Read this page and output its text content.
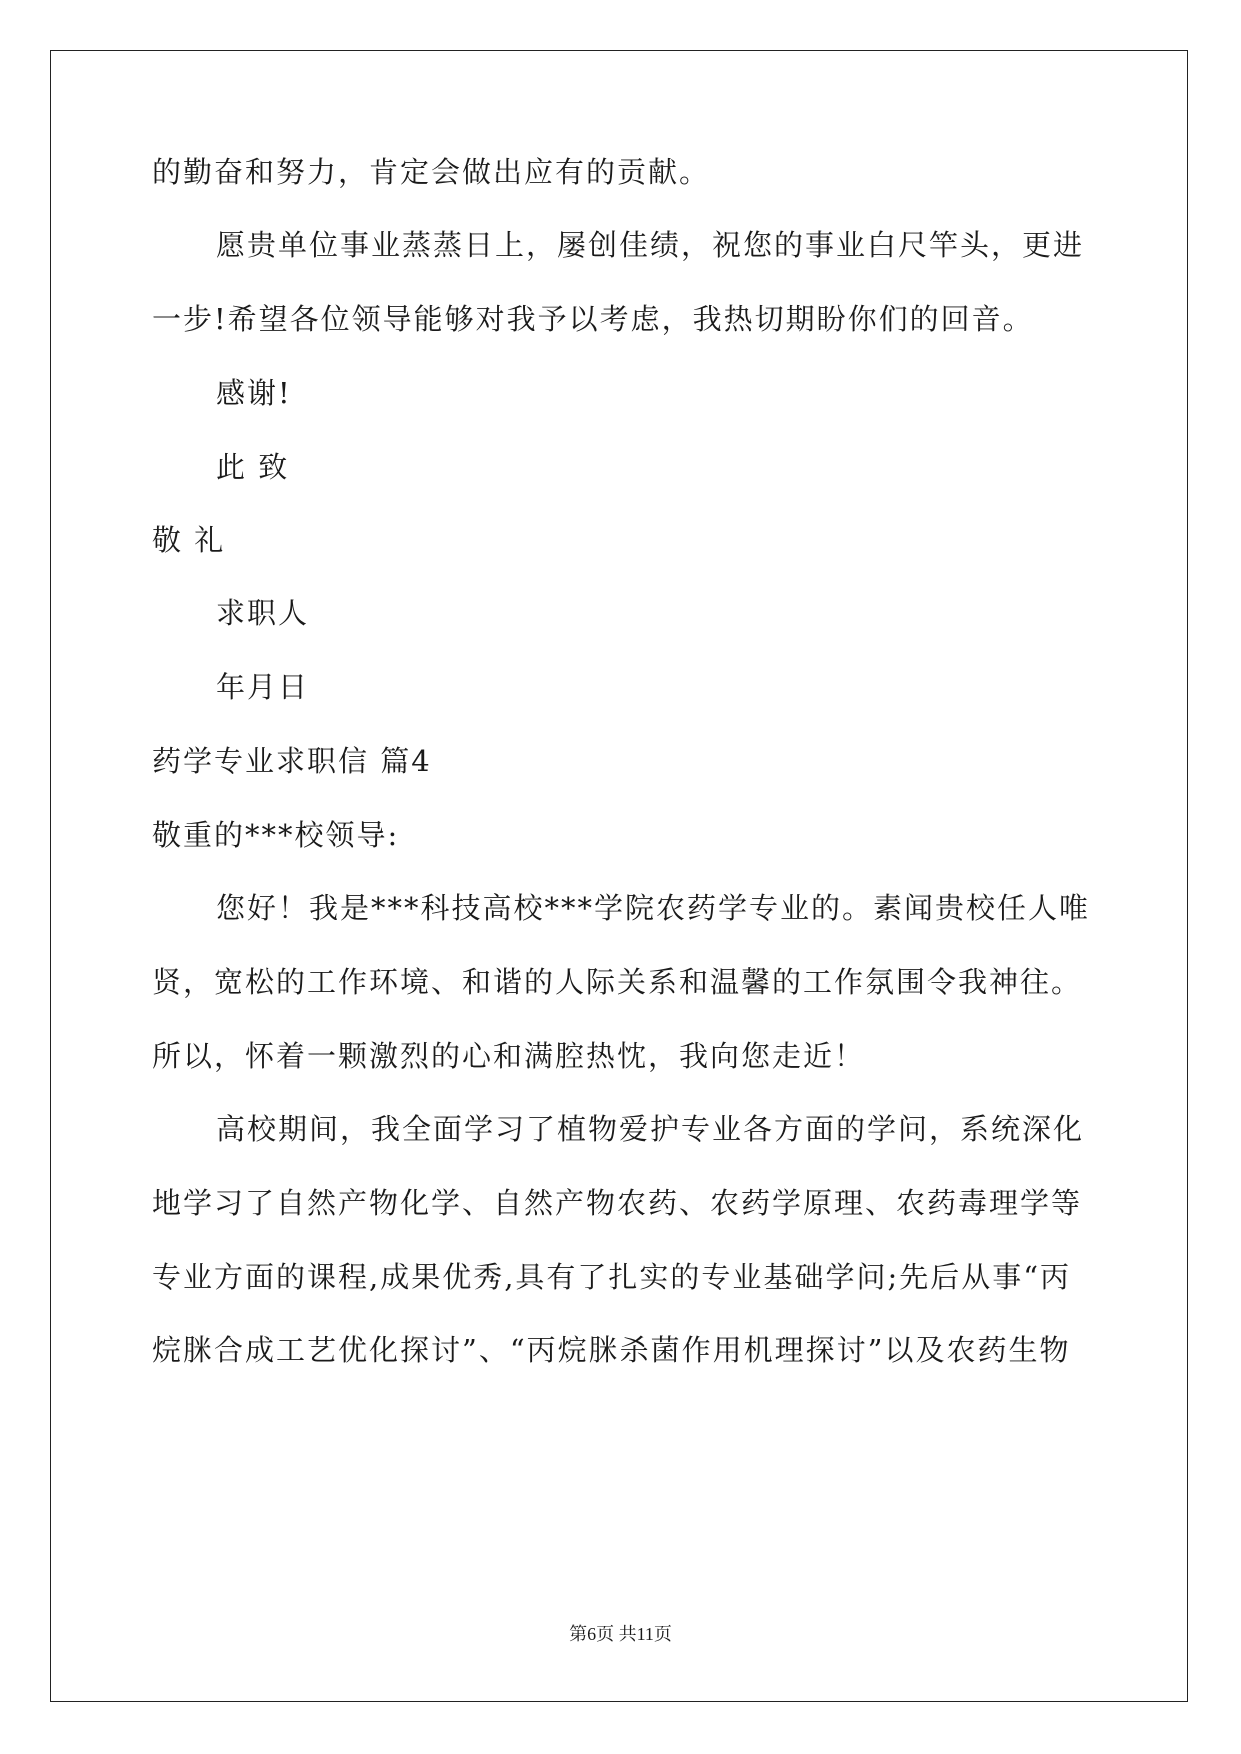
的勤奋和努力，肯定会做出应有的贡献。
愿贵单位事业蒸蒸日上，屡创佳绩，祝您的事业白尺竿头，更进
一步!希望各位领导能够对我予以考虑，我热切期盼你们的回音。
感谢!
此 致
敬 礼
求职人
年月日
药学专业求职信 篇4
敬重的***校领导:
您好！我是***科技高校***学院农药学专业的。素闻贵校任人唯
贤，宽松的工作环境、和谐的人际关系和温馨的工作氛围令我神往。
所以，怀着一颗激烈的心和满腔热忱，我向您走近！
高校期间，我全面学习了植物爱护专业各方面的学问，系统深化
地学习了自然产物化学、自然产物农药、农药学原理、农药毒理学等
专业方面的课程,成果优秀,具有了扎实的专业基础学问;先后从事“丙
烷脒合成工艺优化探讨”、“丙烷脒杀菌作用机理探讨”以及农药生物
第6页 共11页
